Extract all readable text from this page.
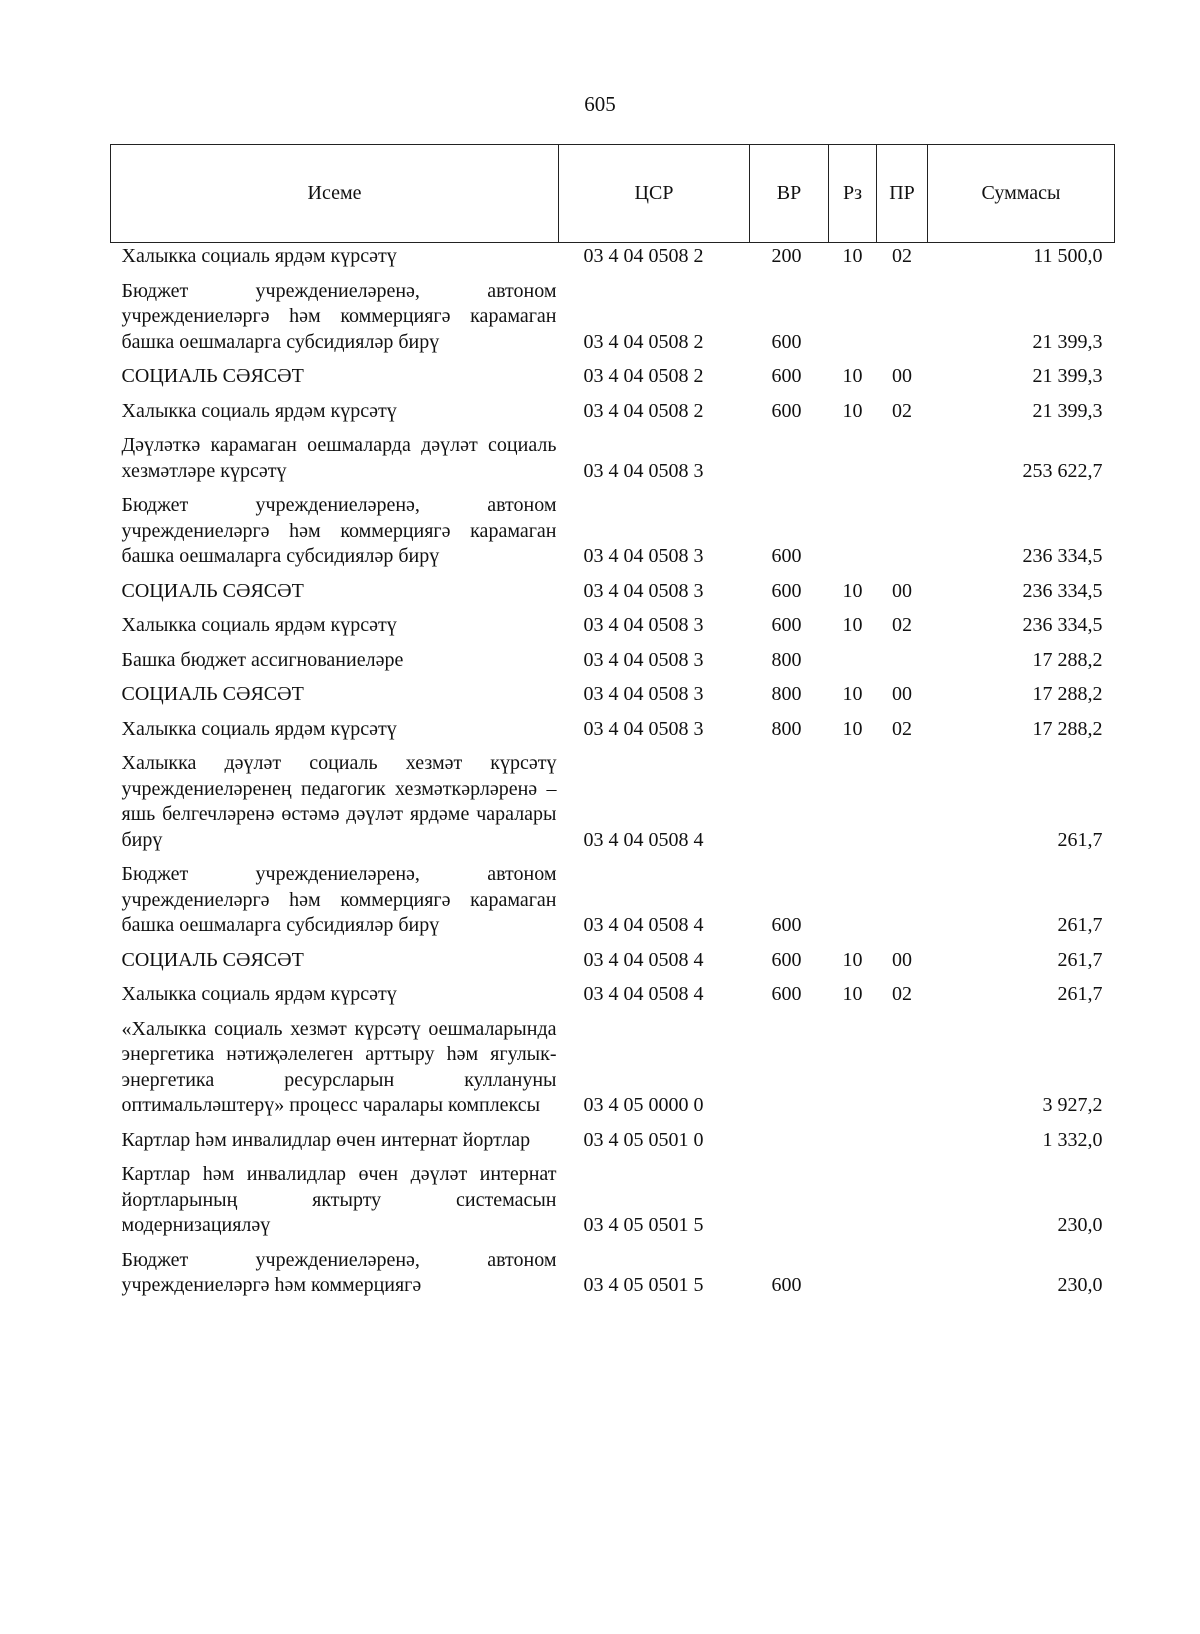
605
Исеме	ЦСР	ВР	Рз	ПР	Суммасы
Халыкка социаль ярдәм күрсәтү	03 4 04 0508 2	200	10	02	11 500,0
Бюджет учреждениеләренә, автоном учреждениеләргә һәм коммерциягә карамаган башка оешмаларга субсидияләр бирү	03 4 04 0508 2	600			21 399,3
СОЦИАЛЬ СӘЯСӘТ	03 4 04 0508 2	600	10	00	21 399,3
Халыкка социаль ярдәм күрсәтү	03 4 04 0508 2	600	10	02	21 399,3
Дәүләткә карамаган оешмаларда дәүләт социаль хезмәтләре күрсәтү	03 4 04 0508 3				253 622,7
Бюджет учреждениеләренә, автоном учреждениеләргә һәм коммерциягә карамаган башка оешмаларга субсидияләр бирү	03 4 04 0508 3	600			236 334,5
СОЦИАЛЬ СӘЯСӘТ	03 4 04 0508 3	600	10	00	236 334,5
Халыкка социаль ярдәм күрсәтү	03 4 04 0508 3	600	10	02	236 334,5
Башка бюджет ассигнованиеләре	03 4 04 0508 3	800			17 288,2
СОЦИАЛЬ СӘЯСӘТ	03 4 04 0508 3	800	10	00	17 288,2
Халыкка социаль ярдәм күрсәтү	03 4 04 0508 3	800	10	02	17 288,2
Халыкка дәүләт социаль хезмәт күрсәтү учреждениеләренең педагогик хезмәткәрләренә – яшь белгечләренә өстәмә дәүләт ярдәме чаралары бирү	03 4 04 0508 4				261,7
Бюджет учреждениеләренә, автоном учреждениеләргә һәм коммерциягә карамаган башка оешмаларга субсидияләр бирү	03 4 04 0508 4	600			261,7
СОЦИАЛЬ СӘЯСӘТ	03 4 04 0508 4	600	10	00	261,7
Халыкка социаль ярдәм күрсәтү	03 4 04 0508 4	600	10	02	261,7
«Халыкка социаль хезмәт күрсәтү оешмаларында энергетика нәтиҗәлелеген арттыру һәм ягулык-энергетика ресурсларын куллануны оптимальләштерү» процесс чаралары комплексы	03 4 05 0000 0				3 927,2
Картлар һәм инвалидлар өчен интернат йортлар	03 4 05 0501 0				1 332,0
Картлар һәм инвалидлар өчен дәүләт интернат йортларының яктырту системасын модернизацияләү	03 4 05 0501 5				230,0
Бюджет учреждениеләренә, автоном учреждениеләргә һәм коммерциягә	03 4 05 0501 5	600			230,0
